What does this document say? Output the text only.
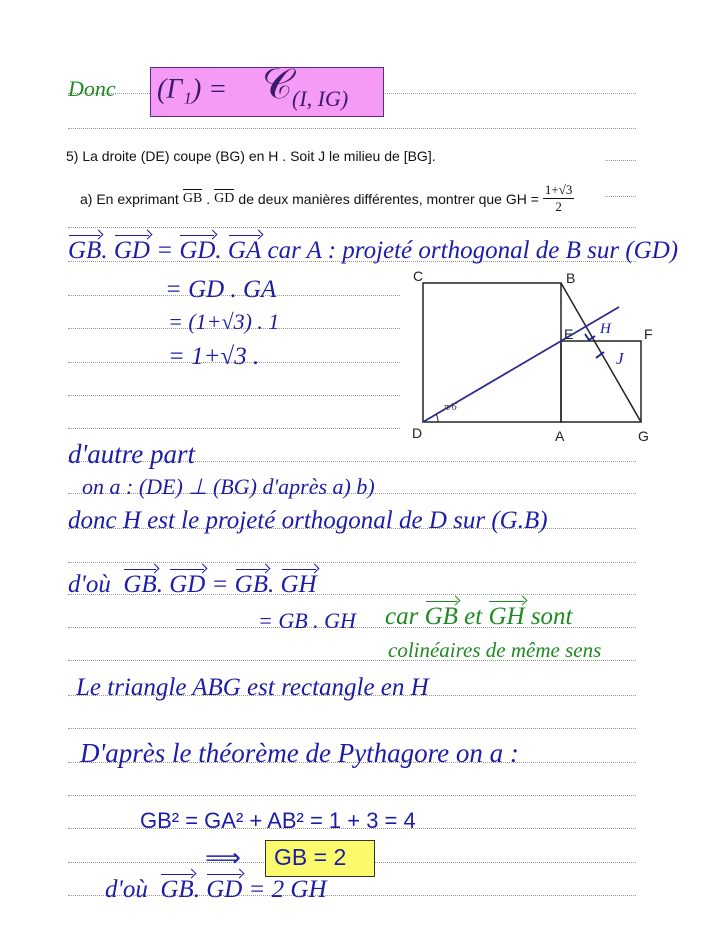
Donc (Γ₁) = 𝒞 (I, IG)
5) La droite (DE) coupe (BG) en H . Soit J le milieu de [BG].
a) En exprimant GB . GD de deux manières différentes, montrer que GH = $\frac{1+√3}{2}$
GB. GD = GD. GA car A : projeté orthogonal de B sur (GD)
= GD . GA
= (1+√3) . 1
= 1+√3 .
d'autre part
on a : (DE) ⊥ (BG) d'après a) b)
donc H est le projeté orthogonal de D sur (G.B)
d'où GB. GD = GB. GH
= GB . GH car GB et GH sont
colinéaires de même sens
Le triangle ABG est rectangle en H
D'après le théorème de Pythagore on a :
GB² = GA² + AB² = 1 + 3 = 4
⟹ GB = 2
d'où GB. GD = 2 GH
C	B
E	F
D	A	G
H
J
π/6
